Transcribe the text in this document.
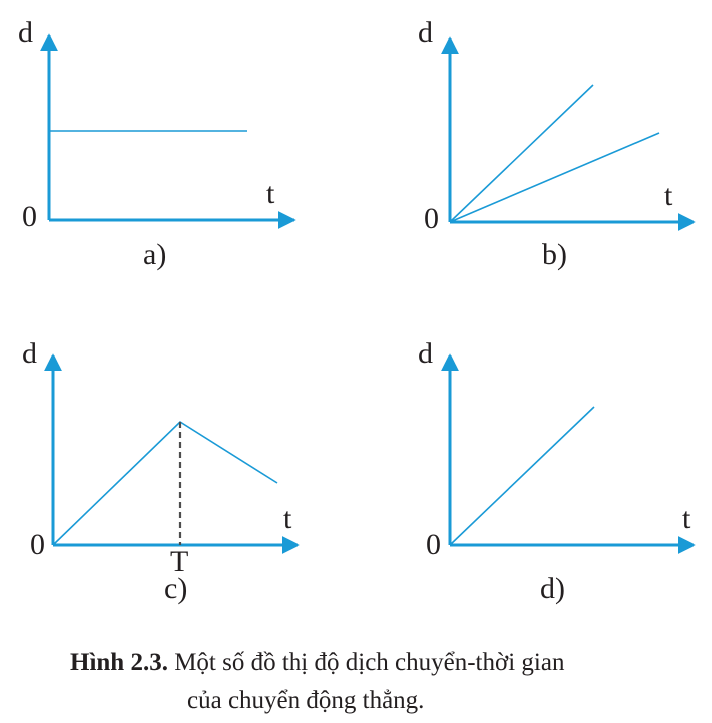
d
t
0
a)
d
t
0
b)
d
t
0
T
c)
d
t
0
d)
Hình 2.3. Một số đồ thị độ dịch chuyển-thời gian
của chuyển động thẳng.
